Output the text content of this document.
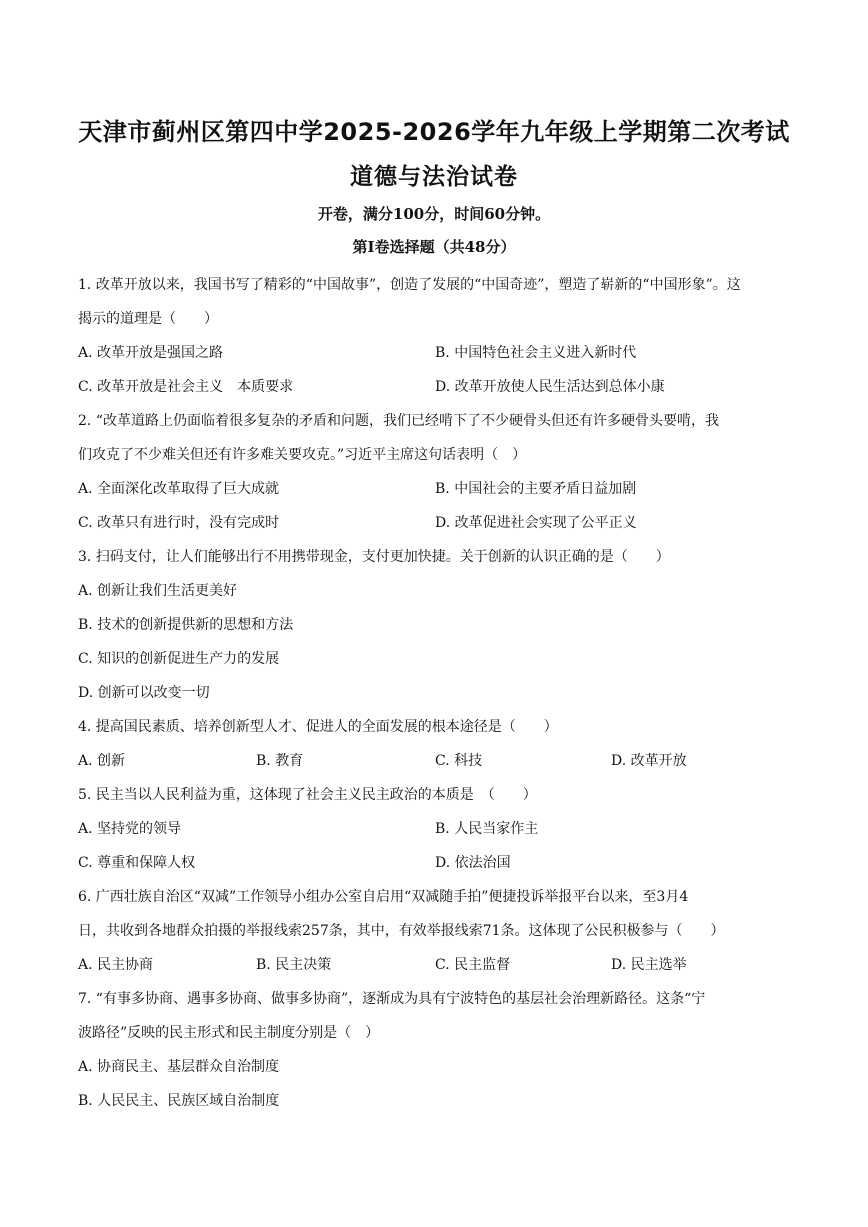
天津市蓟州区第四中学2025-2026学年九年级上学期第二次考试
道德与法治试卷
开卷，满分100分，时间60分钟。
第Ⅰ卷选择题（共48分）
1. 改革开放以来，我国书写了精彩的“中国故事”，创造了发展的“中国奇迹”，塑造了崭新的“中国形象”。这
揭示的道理是（　　）
A. 改革开放是强国之路	B. 中国特色社会主义进入新时代
C. 改革开放是社会主义　本质要求	D. 改革开放使人民生活达到总体小康
2. “改革道路上仍面临着很多复杂的矛盾和问题，我们已经啃下了不少硬骨头但还有许多硬骨头要啃，我
们攻克了不少难关但还有许多难关要攻克。”习近平主席这句话表明（　）
A. 全面深化改革取得了巨大成就	B. 中国社会的主要矛盾日益加剧
C. 改革只有进行时，没有完成时	D. 改革促进社会实现了公平正义
3. 扫码支付，让人们能够出行不用携带现金，支付更加快捷。关于创新的认识正确的是（　　）
A. 创新让我们生活更美好
B. 技术的创新提供新的思想和方法
C. 知识的创新促进生产力的发展
D. 创新可以改变一切
4. 提高国民素质、培养创新型人才、促进人的全面发展的根本途径是（　　）
A. 创新	B. 教育	C. 科技	D. 改革开放
5. 民主当以人民利益为重，这体现了社会主义民主政治的本质是　（　　）
A. 坚持党的领导	B. 人民当家作主
C. 尊重和保障人权	D. 依法治国
6. 广西壮族自治区“双减”工作领导小组办公室自启用“双减随手拍”便捷投诉举报平台以来，至3月4
日，共收到各地群众拍摄的举报线索257条，其中，有效举报线索71条。这体现了公民积极参与（　　）
A. 民主协商	B. 民主决策	C. 民主监督	D. 民主选举
7. “有事多协商、遇事多协商、做事多协商”，逐渐成为具有宁波特色的基层社会治理新路径。这条“宁
波路径”反映的民主形式和民主制度分别是（　）
A. 协商民主、基层群众自治制度
B. 人民民主、民族区域自治制度
